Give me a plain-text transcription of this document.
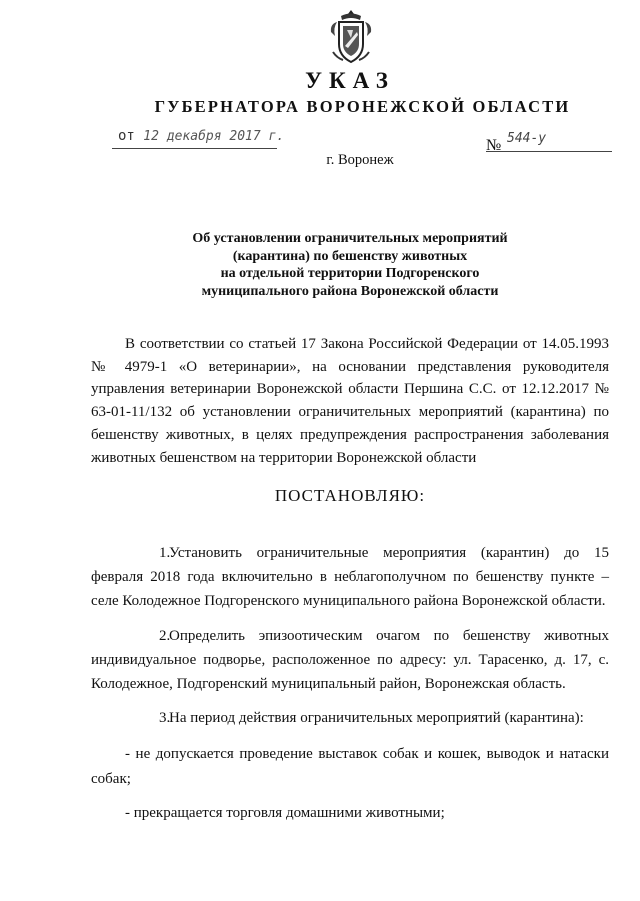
УКАЗ
ГУБЕРНАТОРА ВОРОНЕЖСКОЙ ОБЛАСТИ
от 12 декабря 2017 г.
№ 544-у
г. Воронеж
Об установлении ограничительных мероприятий
(карантина) по бешенству животных
на отдельной территории Подгоренского
муниципального района Воронежской области

В соответствии со статьей 17 Закона Российской Федерации от 14.05.1993 № 4979-1 «О ветеринарии», на основании представления руководителя управления ветеринарии Воронежской области Першина С.С. от 12.12.2017 № 63-01-11/132 об установлении ограничительных мероприятий (карантина) по бешенству животных, в целях предупреждения распространения заболевания животных бешенством на территории Воронежской области

ПОСТАНОВЛЯЮ:

1.Установить ограничительные мероприятия (карантин) до 15 февраля 2018 года включительно в неблагополучном по бешенству пункте – селе Колодежное Подгоренского муниципального района Воронежской области.

2.Определить эпизоотическим очагом по бешенству животных индивидуальное подворье, расположенное по адресу: ул. Тарасенко, д. 17, с. Колодежное, Подгоренский муниципальный район, Воронежская область.

3.На период действия ограничительных мероприятий (карантина):

- не допускается проведение выставок собак и кошек, выводок и натаски собак;

- прекращается торговля домашними животными;
